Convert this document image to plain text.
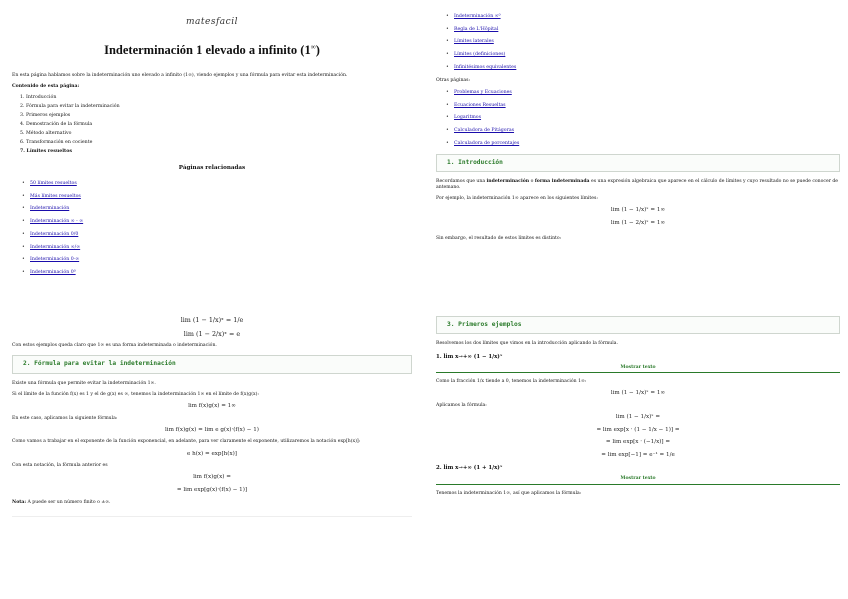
matesfacil
Indeterminación 1 elevado a infinito (1∞)

En esta página hablamos sobre la indeterminación uno elevado a infinito (1∞), viendo ejemplos y una fórmula para evitar esta indeterminación.

Contenido de esta página:

1. Introducción
2. Fórmula para evitar la indeterminación
3. Primeros ejemplos
4. Demostración de la fórmula
5. Método alternativo
6. Transformación en cociente
7. Límites resueltos
Páginas relacionadas
• 50 límites resueltos
• Más límites resueltos
• Indeterminación
• Indeterminación ∞ - ∞
• Indeterminación 0/0
• Indeterminación ∞/∞
• Indeterminación 0·∞
• Indeterminación 0⁰
• Indeterminación ∞⁰
• Regla de L'Hôpital
• Límites laterales
• Límites (definiciones)
• Infinitésimos equivalentes

Otras páginas:

• Problemas y Ecuaciones
• Ecuaciones Resueltas
• Logaritmos
• Calculadora de Pitágoras
• Calculadora de porcentajes
1. Introducción

Recordamos que una indeterminación o forma indeterminada es una expresión algebraica que aparece en el cálculo de límites y cuyo resultado no se puede conocer de antemano.

Por ejemplo, la indeterminación 1∞ aparece en los siguientes límites:

lim (1 − 1/x)ˣ = 1∞
lim (1 − 2/x)ˣ = 1∞

Sin embargo, el resultado de estos límites es distinto:

lim (1 − 1/x)ˣ = 1/e
lim (1 − 2/x)ˣ = e

Con estos ejemplos queda claro que 1∞ es una forma indeterminada o indeterminación.

2. Fórmula para evitar la indeterminación

Existe una fórmula que permite evitar la indeterminación 1∞.

Si el límite de la función f(x) es 1 y el de g(x) es ∞, tenemos la indeterminación 1∞ en el límite de f(x)g(x):

lim f(x)g(x) = 1∞

En este caso, aplicamos la siguiente fórmula:

lim f(x)g(x) = lim e g(x)·(f(x) − 1)

Como vamos a trabajar en el exponente de la función exponencial, en adelante, para ver claramente el exponente, utilizaremos la notación exp[h(x)]:

e h(x) = exp[h(x)]

Con esta notación, la fórmula anterior es

lim f(x)g(x) =
= lim exp[g(x)·(f(x) − 1)]

Nota: A puede ser un número finito o ±∞.

3. Primeros ejemplos

Resolvemos los dos límites que vimos en la introducción aplicando la fórmula.

1. lim x→+∞ (1 − 1/x)ˣ
Mostrar texto

Como la fracción 1/x tiende a 0, tenemos la indeterminación 1∞:

lim (1 − 1/x)ˣ = 1∞

Aplicamos la fórmula:

lim (1 − 1/x)ˣ =
= lim exp[x · (1 − 1/x − 1)] =
= lim exp[x · (−1/x)] =
= lim exp[−1] = e⁻¹ = 1/e
2. lim x→+∞ (1 + 1/x)ˣ
Mostrar texto

Tenemos la indeterminación 1∞, así que aplicamos la fórmula:
